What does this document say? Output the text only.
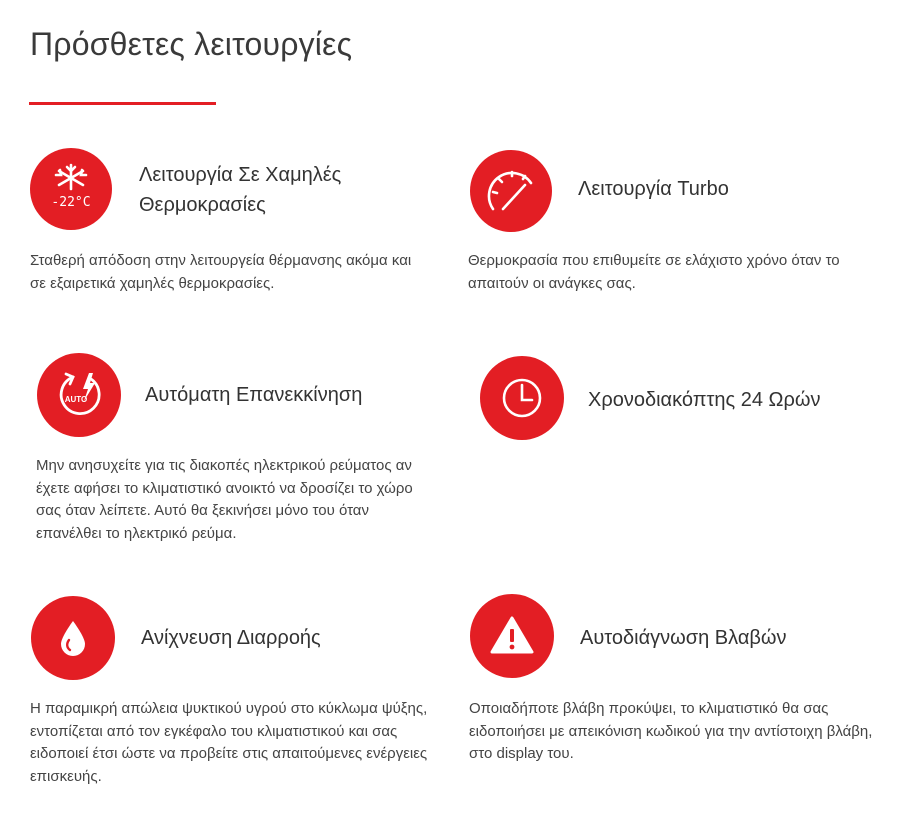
Πρόσθετες λειτουργίες
-22°C
Λειτουργία Σε Χαμηλές Θερμοκρασίες
Σταθερή απόδοση στην λειτουργεία θέρμανσης ακόμα και σε εξαιρετικά χαμηλές θερμοκρασίες.
Λειτουργία Turbo
Θερμοκρασία που επιθυμείτε σε ελάχιστο χρόνο όταν το απαιτούν οι ανάγκες σας.
AUTO	Αυτόματη Επανεκκίνηση
Μην ανησυχείτε για τις διακοπές ηλεκτρικού ρεύματος αν έχετε αφήσει το κλιματιστικό ανοικτό να δροσίζει το χώρο σας όταν λείπετε. Αυτό θα ξεκινήσει μόνο του όταν επανέλθει το ηλεκτρικό ρεύμα.
Χρονοδιακόπτης 24 Ωρών
Ανίχνευση Διαρροής
Η παραμικρή απώλεια ψυκτικού υγρού στο κύκλωμα ψύξης, εντοπίζεται από τον εγκέφαλο του κλιματιστικού και σας ειδοποιεί έτσι ώστε να προβείτε στις απαιτούμενες ενέργειες επισκευής.
Αυτοδιάγνωση Βλαβών
Οποιαδήποτε βλάβη προκύψει, το κλιματιστικό θα σας ειδοποιήσει με απεικόνιση κωδικού για την αντίστοιχη βλάβη, στο display του.
